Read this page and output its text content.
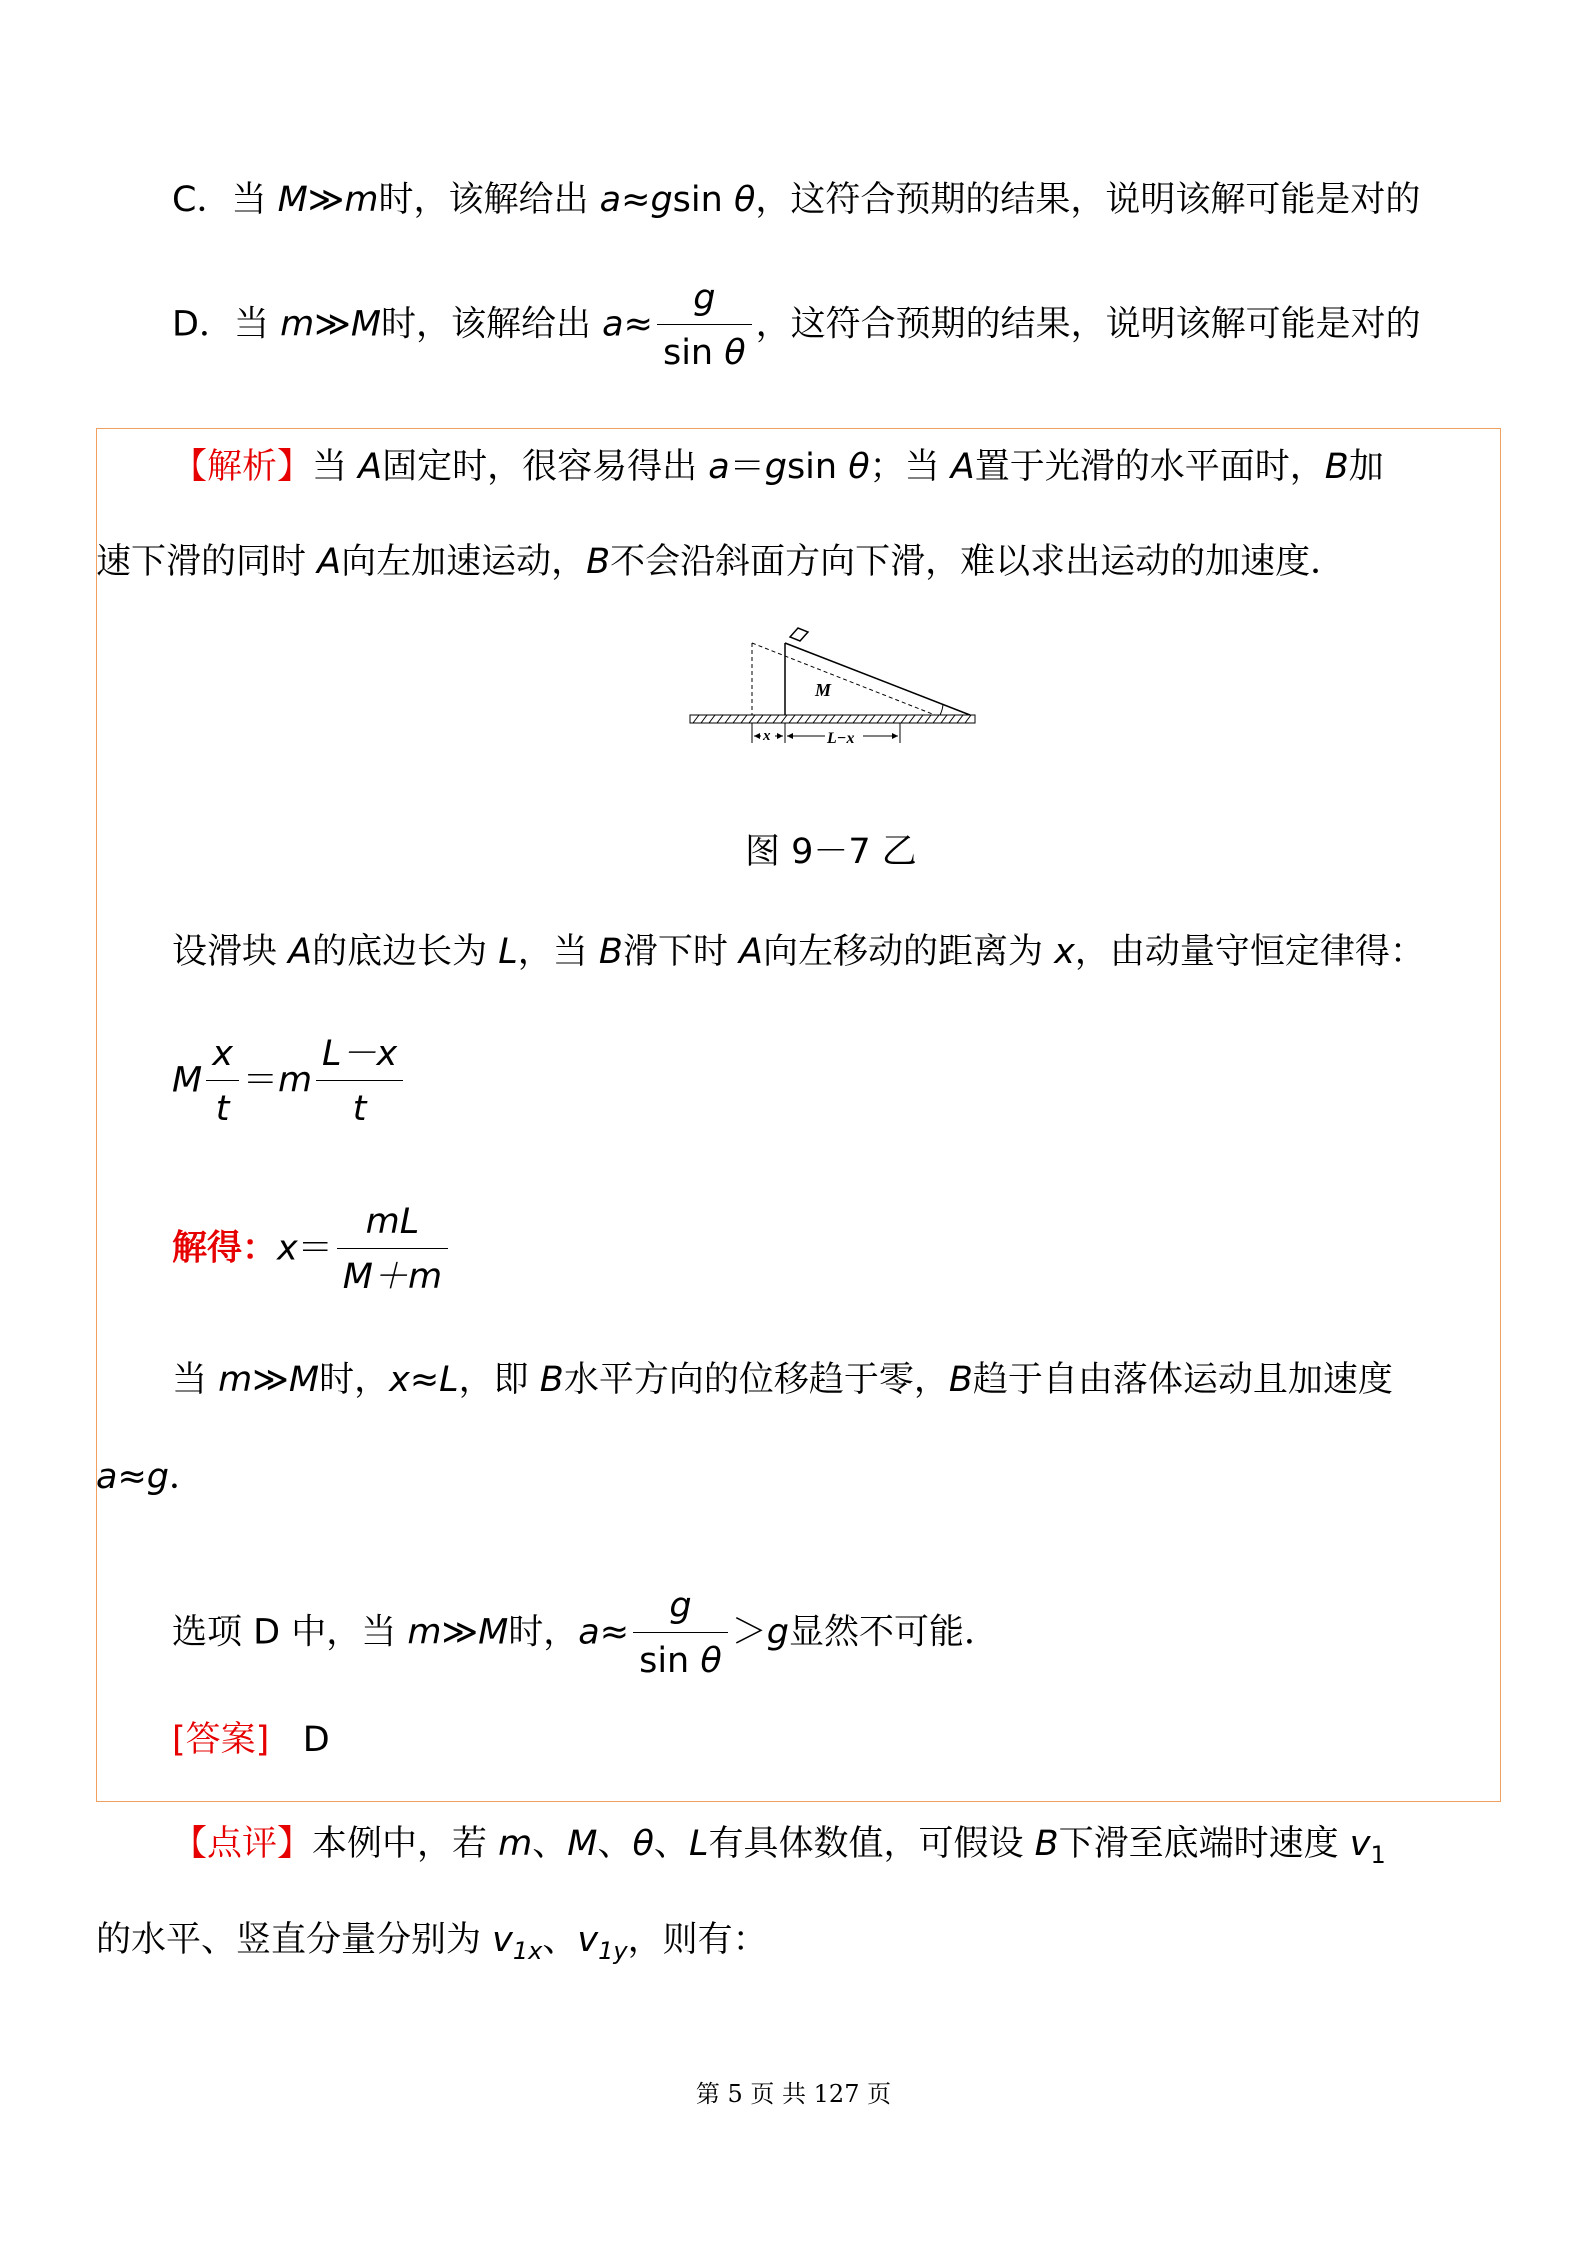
C．当 M≫m时，该解给出 a≈gsin θ，这符合预期的结果，说明该解可能是对的
D．当 m≫M时，该解给出 $a\approx \frac{g}{\text{sin θ}}$ ，这符合预期的结果，说明该解可能是对的
【解析】当 A固定时，很容易得出 a＝gsin θ；当 A置于光滑的水平面时，B加
速下滑的同时 A向左加速运动，B不会沿斜面方向下滑，难以求出运动的加速度．
M
x	L−x
图 9－7 乙
设滑块 A的底边长为 L，当 B滑下时 A向左移动的距离为 x，由动量守恒定律得：
M $\frac{x}{t} =m \frac{L-x}{t}$
解得：$x= \frac{mL}{M+m}$
当 m≫M时，x≈L，即 B水平方向的位移趋于零，B趋于自由落体运动且加速度
a≈g．
选项 D 中，当 m≫M时，$a\approx \frac{g}{\text{sin θ}} >g$显然不可能．
[答案] D
【点评】本例中，若 m、M、θ、L有具体数值，可假设 B下滑至底端时速度 $v_1$
的水平、竖直分量分别为 $v_{1x}$、$v_{1y}$，则有：
第 5 页 共 127 页
